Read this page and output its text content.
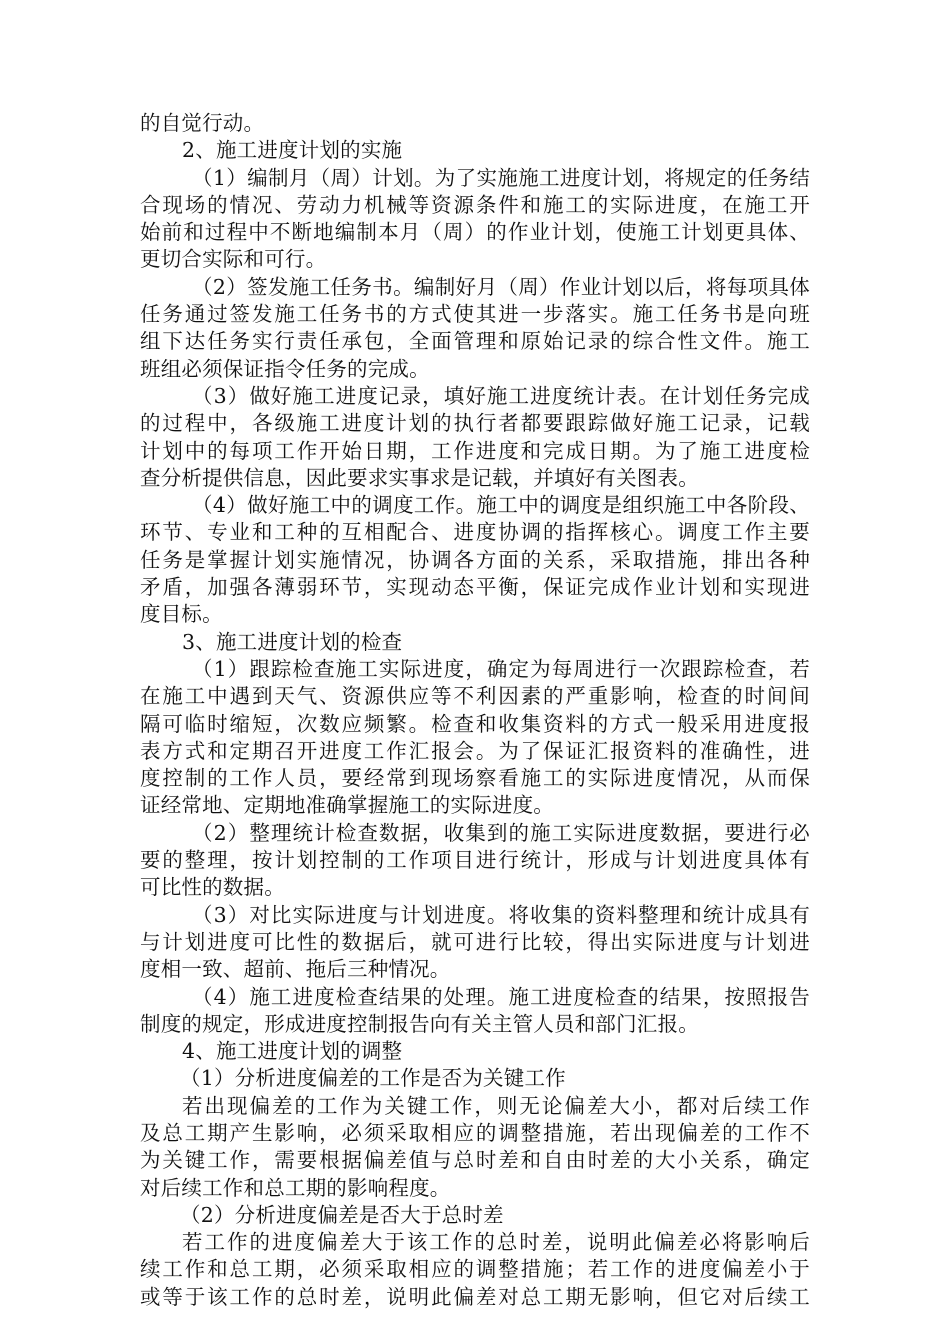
的自觉行动。
2、施工进度计划的实施
（1）编制月（周）计划。为了实施施工进度计划，将规定的任务结
合现场的情况、劳动力机械等资源条件和施工的实际进度，在施工开
始前和过程中不断地编制本月（周）的作业计划，使施工计划更具体、
更切合实际和可行。
（2）签发施工任务书。编制好月（周）作业计划以后，将每项具体
任务通过签发施工任务书的方式使其进一步落实。施工任务书是向班
组下达任务实行责任承包，全面管理和原始记录的综合性文件。施工
班组必须保证指令任务的完成。
（3）做好施工进度记录，填好施工进度统计表。在计划任务完成
的过程中，各级施工进度计划的执行者都要跟踪做好施工记录，记载
计划中的每项工作开始日期，工作进度和完成日期。为了施工进度检
查分析提供信息，因此要求实事求是记载，并填好有关图表。
（4）做好施工中的调度工作。施工中的调度是组织施工中各阶段、
环节、专业和工种的互相配合、进度协调的指挥核心。调度工作主要
任务是掌握计划实施情况，协调各方面的关系，采取措施，排出各种
矛盾，加强各薄弱环节，实现动态平衡，保证完成作业计划和实现进
度目标。
3、施工进度计划的检查
（1）跟踪检查施工实际进度，确定为每周进行一次跟踪检查，若
在施工中遇到天气、资源供应等不利因素的严重影响，检查的时间间
隔可临时缩短，次数应频繁。检查和收集资料的方式一般采用进度报
表方式和定期召开进度工作汇报会。为了保证汇报资料的准确性，进
度控制的工作人员，要经常到现场察看施工的实际进度情况，从而保
证经常地、定期地准确掌握施工的实际进度。
（2）整理统计检查数据，收集到的施工实际进度数据，要进行必
要的整理，按计划控制的工作项目进行统计，形成与计划进度具体有
可比性的数据。
（3）对比实际进度与计划进度。将收集的资料整理和统计成具有
与计划进度可比性的数据后，就可进行比较，得出实际进度与计划进
度相一致、超前、拖后三种情况。
（4）施工进度检查结果的处理。施工进度检查的结果，按照报告
制度的规定，形成进度控制报告向有关主管人员和部门汇报。
4、施工进度计划的调整
（1）分析进度偏差的工作是否为关键工作
若出现偏差的工作为关键工作，则无论偏差大小，都对后续工作
及总工期产生影响，必须采取相应的调整措施，若出现偏差的工作不
为关键工作，需要根据偏差值与总时差和自由时差的大小关系，确定
对后续工作和总工期的影响程度。
（2）分析进度偏差是否大于总时差
若工作的进度偏差大于该工作的总时差，说明此偏差必将影响后
续工作和总工期，必须采取相应的调整措施；若工作的进度偏差小于
或等于该工作的总时差，说明此偏差对总工期无影响，但它对后续工
